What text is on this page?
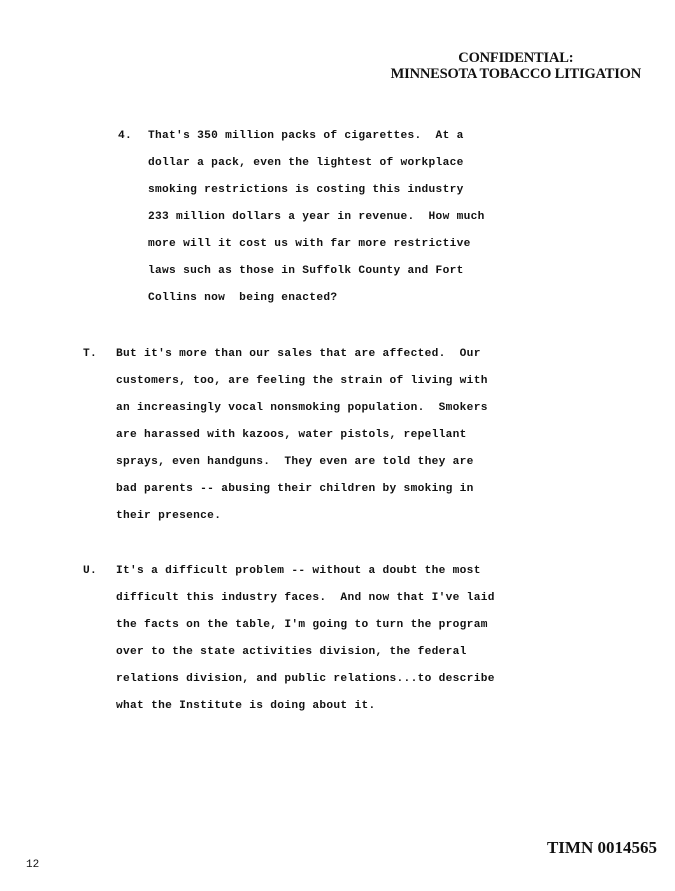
CONFIDENTIAL:
MINNESOTA TOBACCO LITIGATION
4. That's 350 million packs of cigarettes.  At a
dollar a pack, even the lightest of workplace
smoking restrictions is costing this industry
233 million dollars a year in revenue.  How much
more will it cost us with far more restrictive
laws such as those in Suffolk County and Fort
Collins now  being enacted?
T. But it's more than our sales that are affected.  Our
customers, too, are feeling the strain of living with
an increasingly vocal nonsmoking population.  Smokers
are harassed with kazoos, water pistols, repellant
sprays, even handguns.  They even are told they are
bad parents -- abusing their children by smoking in
their presence.
U. It's a difficult problem -- without a doubt the most
difficult this industry faces.  And now that I've laid
the facts on the table, I'm going to turn the program
over to the state activities division, the federal
relations division, and public relations...to describe
what the Institute is doing about it.
TIMN 0014565
12
